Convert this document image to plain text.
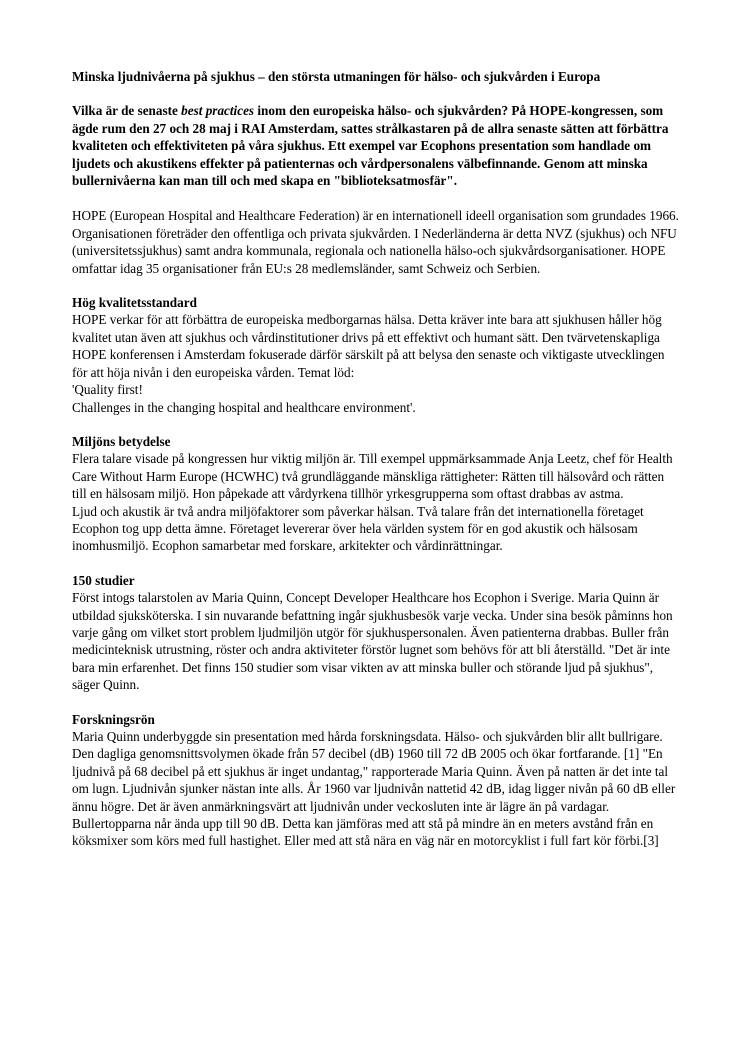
Minska ljudnivåerna på sjukhus – den största utmaningen för hälso- och sjukvården i Europa

Vilka är de senaste best practices inom den europeiska hälso- och sjukvården? På HOPE-kongressen, som ägde rum den 27 och 28 maj i RAI Amsterdam, sattes strålkastaren på de allra senaste sätten att förbättra kvaliteten och effektiviteten på våra sjukhus. Ett exempel var Ecophons presentation som handlade om ljudets och akustikens effekter på patienternas och vårdpersonalens välbefinnande. Genom att minska bullernivåerna kan man till och med skapa en "biblioteksatmosfär".

HOPE (European Hospital and Healthcare Federation) är en internationell ideell organisation som grundades 1966. Organisationen företräder den offentliga och privata sjukvården. I Nederländerna är detta NVZ (sjukhus) och NFU (universitetssjukhus) samt andra kommunala, regionala och nationella hälso-och sjukvårdsorganisationer. HOPE omfattar idag 35 organisationer från EU:s 28 medlemsländer, samt Schweiz och Serbien.

Hög kvalitetsstandard

HOPE verkar för att förbättra de europeiska medborgarnas hälsa. Detta kräver inte bara att sjukhusen håller hög kvalitet utan även att sjukhus och vårdinstitutioner drivs på ett effektivt och humant sätt. Den tvärvetenskapliga HOPE konferensen i Amsterdam fokuserade därför särskilt på att belysa den senaste och viktigaste utvecklingen för att höja nivån i den europeiska vården. Temat löd:

'Quality first!

Challenges in the changing hospital and healthcare environment'.

Miljöns betydelse

Flera talare visade på kongressen hur viktig miljön är. Till exempel uppmärksammade Anja Leetz, chef för Health Care Without Harm Europe (HCWHC) två grundläggande mänskliga rättigheter: Rätten till hälsovård och rätten till en hälsosam miljö. Hon påpekade att vårdyrkena tillhör yrkesgrupperna som oftast drabbas av astma.

Ljud och akustik är två andra miljöfaktorer som påverkar hälsan. Två talare från det internationella företaget Ecophon tog upp detta ämne. Företaget levererar över hela världen system för en god akustik och hälsosam inomhusmiljö. Ecophon samarbetar med forskare, arkitekter och vårdinrättningar.

150 studier

Först intogs talarstolen av Maria Quinn, Concept Developer Healthcare hos Ecophon i Sverige. Maria Quinn är utbildad sjuksköterska. I sin nuvarande befattning ingår sjukhusbesök varje vecka. Under sina besök påminns hon varje gång om vilket stort problem ljudmiljön utgör för sjukhuspersonalen. Även patienterna drabbas. Buller från medicinteknisk utrustning, röster och andra aktiviteter förstör lugnet som behövs för att bli återställd. "Det är inte bara min erfarenhet. Det finns 150 studier som visar vikten av att minska buller och störande ljud på sjukhus", säger Quinn.

Forskningsrön

Maria Quinn underbyggde sin presentation med hårda forskningsdata. Hälso- och sjukvården blir allt bullrigare. Den dagliga genomsnittsvolymen ökade från 57 decibel (dB) 1960 till 72 dB 2005 och ökar fortfarande. [1] "En ljudnivå på 68 decibel på ett sjukhus är inget undantag," rapporterade Maria Quinn. Även på natten är det inte tal om lugn. Ljudnivån sjunker nästan inte alls. År 1960 var ljudnivån nattetid 42 dB, idag ligger nivån på 60 dB eller ännu högre. Det är även anmärkningsvärt att ljudnivån under veckosluten inte är lägre än på vardagar. Bullertopparna når ända upp till 90 dB. Detta kan jämföras med att stå på mindre än en meters avstånd från en köksmixer som körs med full hastighet. Eller med att stå nära en väg när en motorcyklist i full fart kör förbi.[3]
